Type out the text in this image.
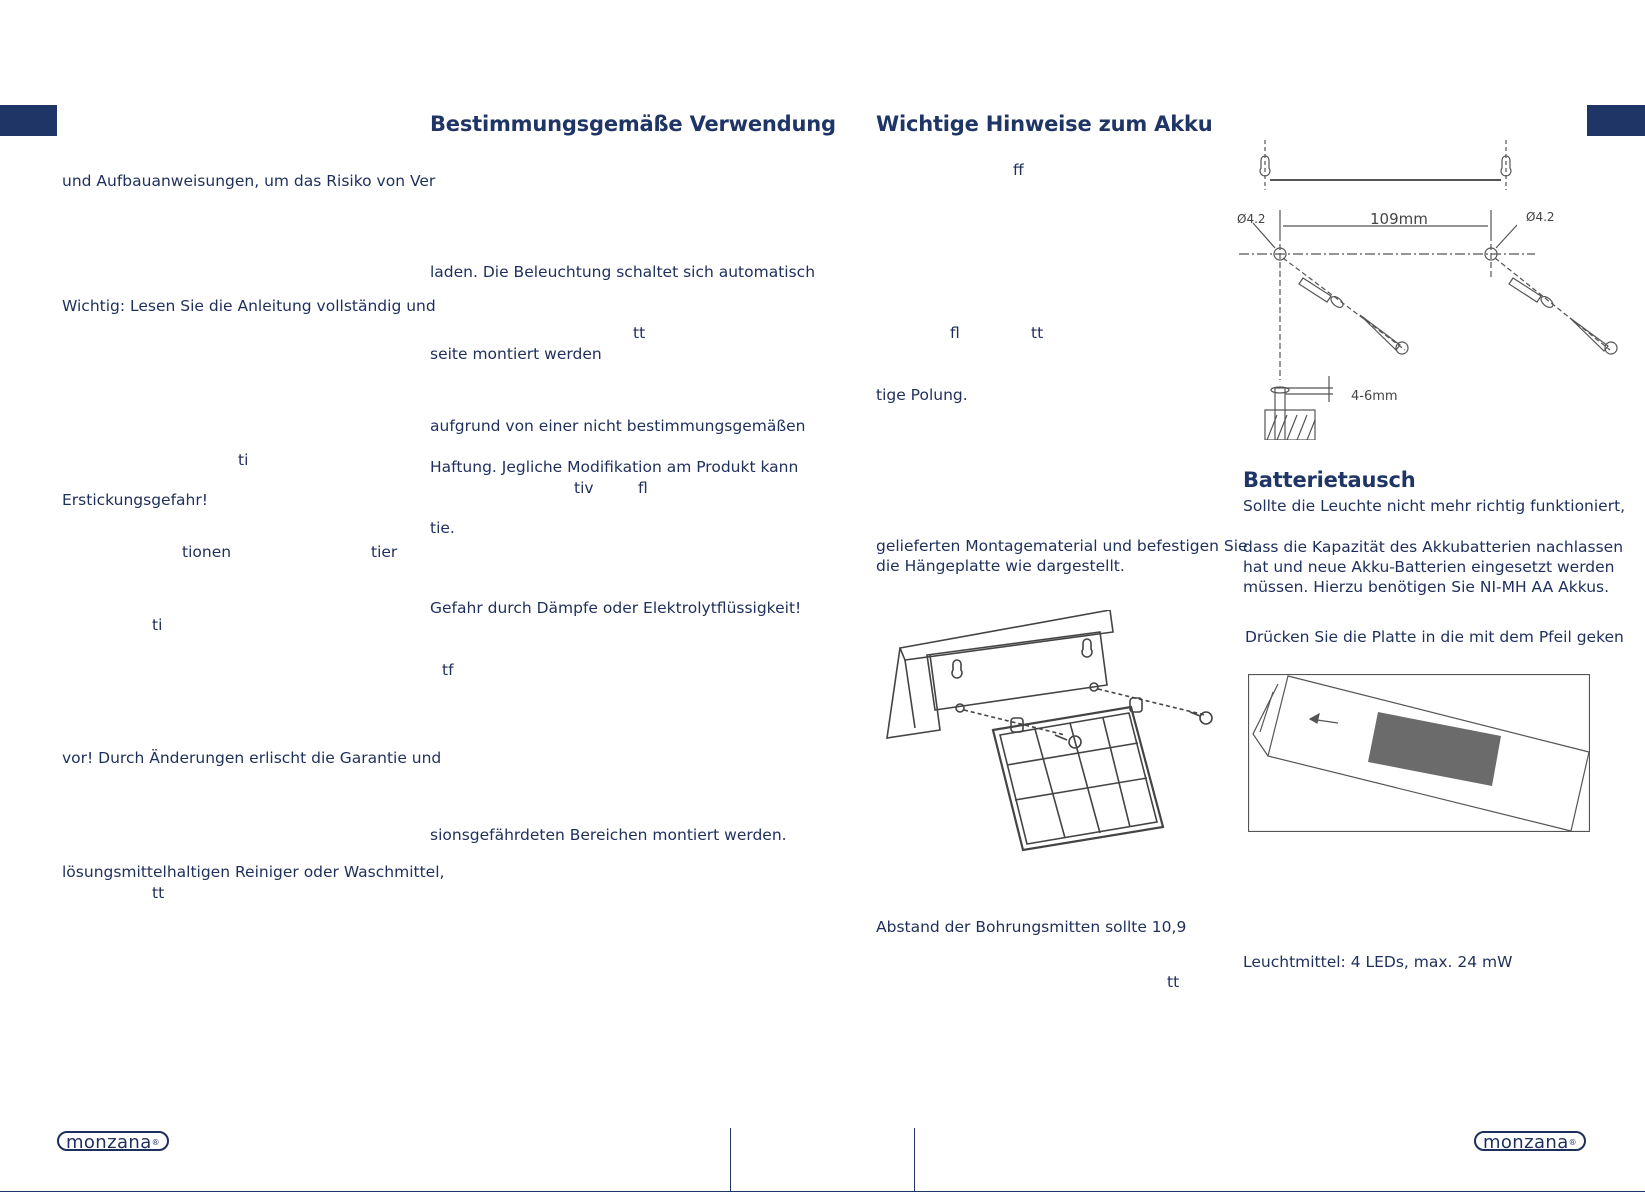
und Aufbauanweisungen, um das Risiko von Ver
Wichtig: Lesen Sie die Anleitung vollständig und
ti
Erstickungsgefahr!
tionen	tier
ti
vor! Durch Änderungen erlischt die Garantie und
lösungsmittelhaltigen Reiniger oder Waschmittel,
tt
Bestimmungsgemäße Verwendung
laden. Die Beleuchtung schaltet sich automatisch
tt
seite montiert werden
aufgrund von einer nicht bestimmungsgemäßen
Haftung. Jegliche Modifikation am Produkt kann
tiv	fl
tie.
Gefahr durch Dämpfe oder Elektrolytflüssigkeit!
tf
sionsgefährdeten Bereichen montiert werden.
Wichtige Hinweise zum Akku
ff
fl	tt
tige Polung.
gelieferten Montagematerial und befestigen Sie
die Hängeplatte wie dargestellt.
Abstand der Bohrungsmitten sollte 10,9
tt
Batterietausch
Sollte die Leuchte nicht mehr richtig funktioniert,
dass die Kapazität des Akkubatterien nachlassen
hat und neue Akku-Batterien eingesetzt werden
müssen. Hierzu benötigen Sie NI-MH AA Akkus.
Drücken Sie die Platte in die mit dem Pfeil geken
Leuchtmittel: 4 LEDs, max. 24 mW
109mm
Ø4.2	Ø4.2
4-6mm
monzana®	monzana®
